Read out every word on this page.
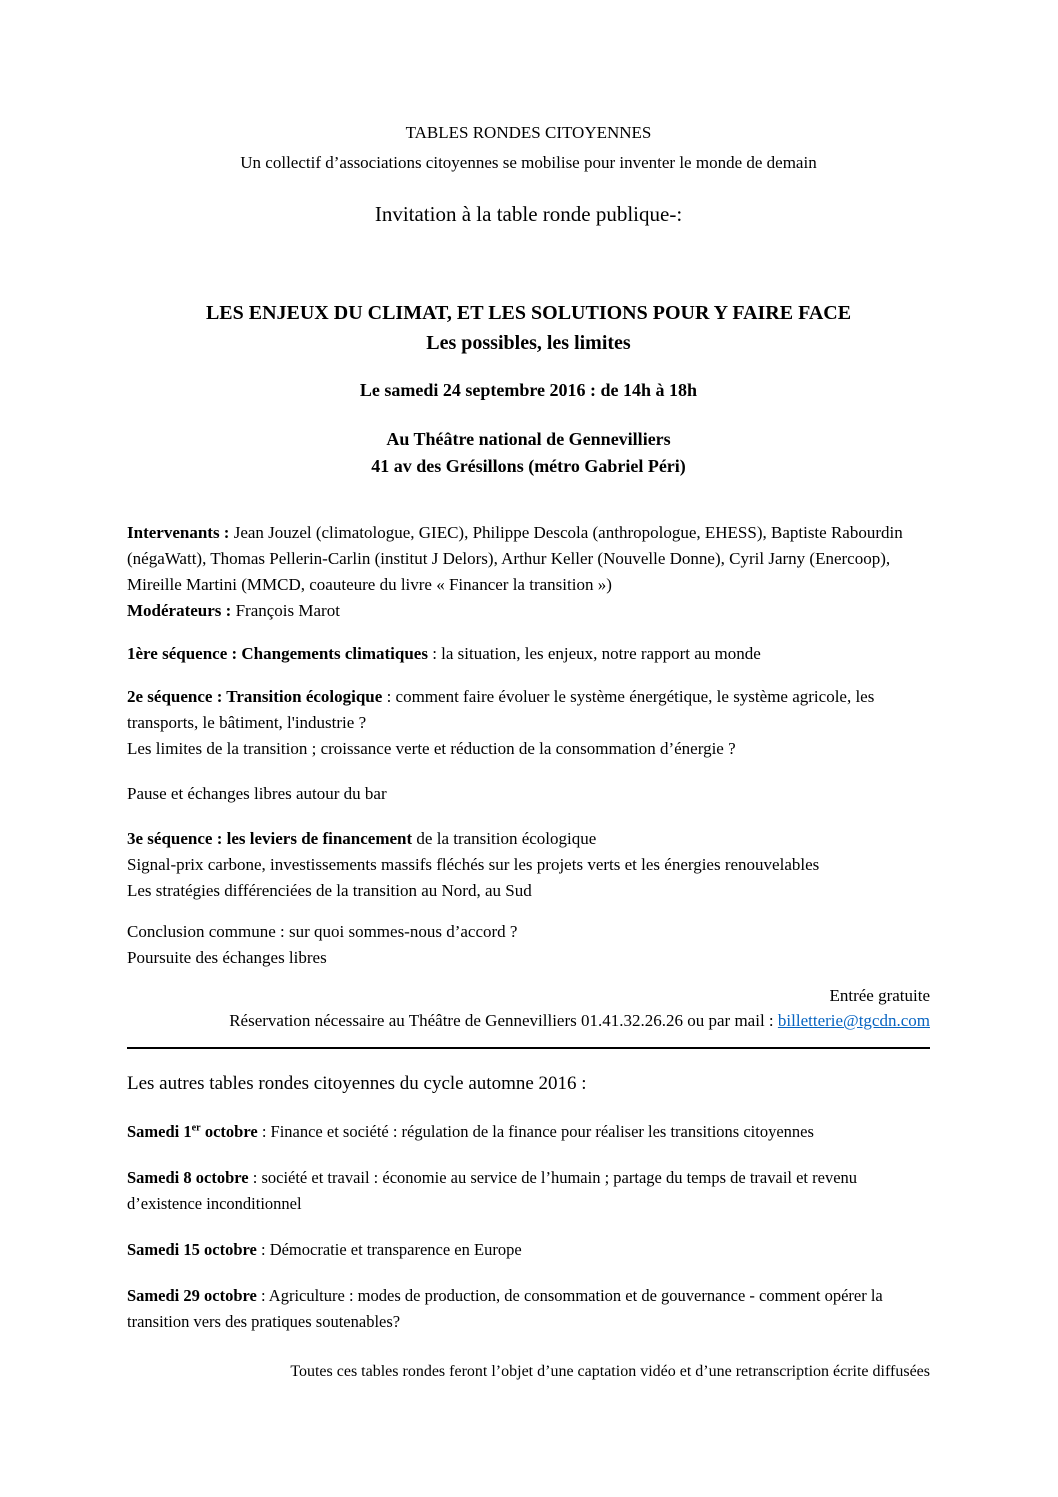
TABLES RONDES CITOYENNES
Un collectif d’associations citoyennes se mobilise pour inventer le monde de demain
Invitation à la table ronde publique-:
LES ENJEUX DU CLIMAT, ET LES SOLUTIONS POUR Y FAIRE FACE
Les possibles, les limites
Le samedi 24 septembre 2016 : de 14h à 18h
Au Théâtre national de Gennevilliers
41 av des Grésillons (métro Gabriel Péri)

Intervenants : Jean Jouzel (climatologue, GIEC), Philippe Descola (anthropologue, EHESS), Baptiste Rabourdin (négaWatt), Thomas Pellerin-Carlin (institut J Delors), Arthur Keller (Nouvelle Donne), Cyril Jarny (Enercoop), Mireille Martini (MMCD, coauteure du livre « Financer la transition »)
Modérateurs : François Marot

1ère séquence : Changements climatiques : la situation, les enjeux, notre rapport au monde

2e séquence : Transition écologique : comment faire évoluer le système énergétique, le système agricole, les transports, le bâtiment, l'industrie ?
Les limites de la transition ; croissance verte et réduction de la consommation d’énergie ?

Pause et échanges libres autour du bar

3e séquence : les leviers de financement de la transition écologique
Signal-prix carbone, investissements massifs fléchés sur les projets verts et les énergies renouvelables
Les stratégies différenciées de la transition au Nord, au Sud

Conclusion commune : sur quoi sommes-nous d’accord ?
Poursuite des échanges libres

Entrée gratuite
Réservation nécessaire au Théâtre de Gennevilliers 01.41.32.26.26 ou par mail : billetterie@tgcdn.com
Les autres tables rondes citoyennes du cycle automne 2016 :

Samedi 1er octobre : Finance et société : régulation de la finance pour réaliser les transitions citoyennes

Samedi 8 octobre : société et travail : économie au service de l’humain ; partage du temps de travail et revenu d’existence inconditionnel

Samedi 15 octobre : Démocratie et transparence en Europe

Samedi 29 octobre : Agriculture : modes de production, de consommation et de gouvernance - comment opérer la transition vers des pratiques soutenables?

Toutes ces tables rondes feront l’objet d’une captation vidéo et d’une retranscription écrite diffusées
